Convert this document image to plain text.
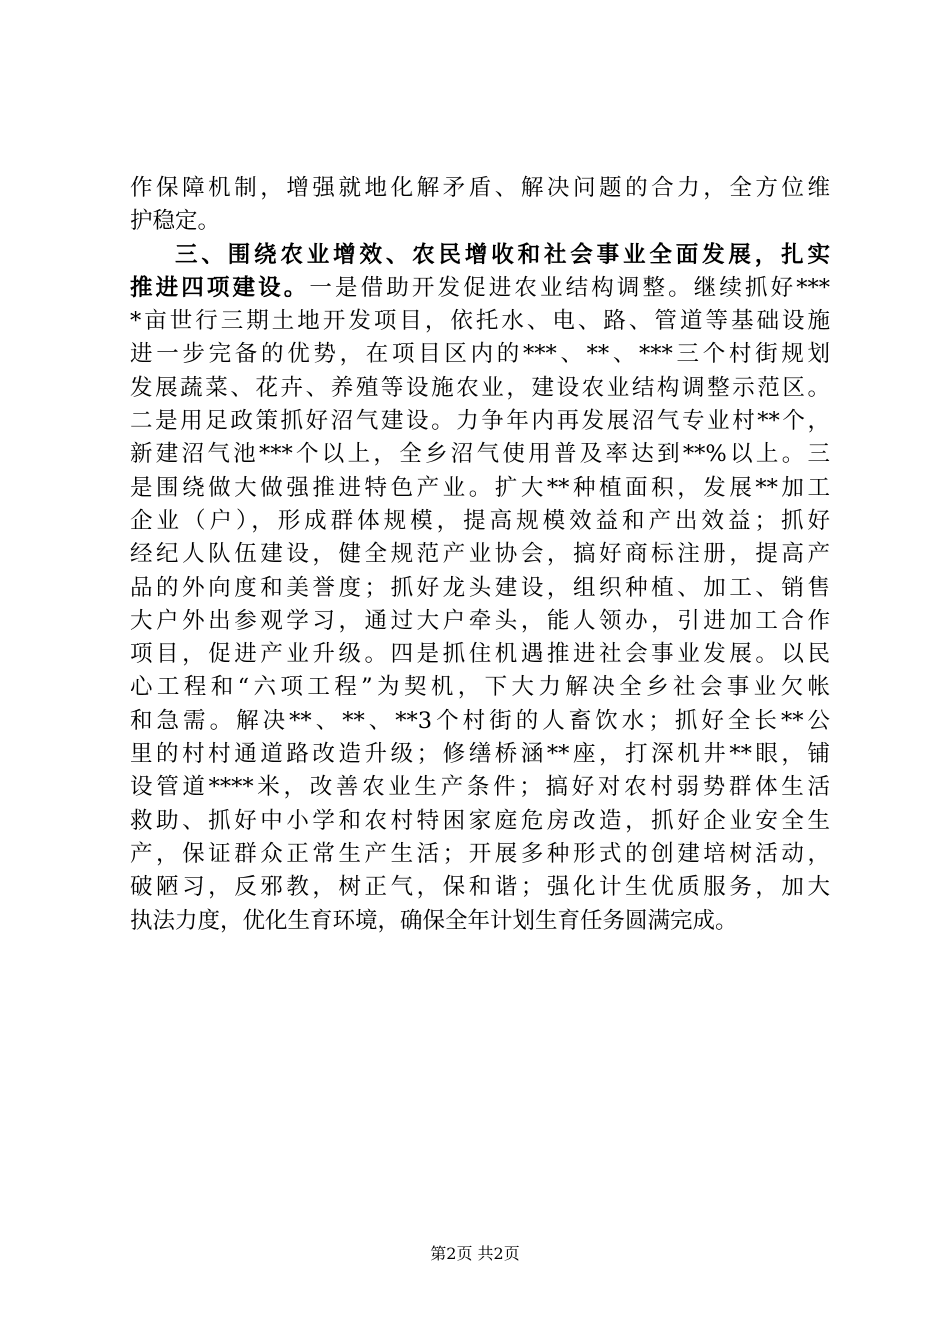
作保障机制，增强就地化解矛盾、解决问题的合力，全方位维
护稳定。
三、围绕农业增效、农民增收和社会事业全面发展，扎实
推进四项建设。一是借助开发促进农业结构调整。继续抓好***
*亩世行三期土地开发项目，依托水、电、路、管道等基础设施
进一步完备的优势，在项目区内的***、**、***三个村街规划
发展蔬菜、花卉、养殖等设施农业，建设农业结构调整示范区。
二是用足政策抓好沼气建设。力争年内再发展沼气专业村**个，
新建沼气池***个以上，全乡沼气使用普及率达到**%以上。三
是围绕做大做强推进特色产业。扩大**种植面积，发展**加工
企业（户），形成群体规模，提高规模效益和产出效益；抓好
经纪人队伍建设，健全规范产业协会，搞好商标注册，提高产
品的外向度和美誉度；抓好龙头建设，组织种植、加工、销售
大户外出参观学习，通过大户牵头，能人领办，引进加工合作
项目，促进产业升级。四是抓住机遇推进社会事业发展。以民
心工程和“六项工程”为契机，下大力解决全乡社会事业欠帐
和急需。解决**、**、**3个村街的人畜饮水；抓好全长**公
里的村村通道路改造升级；修缮桥涵**座，打深机井**眼，铺
设管道****米，改善农业生产条件；搞好对农村弱势群体生活
救助、抓好中小学和农村特困家庭危房改造，抓好企业安全生
产，保证群众正常生产生活；开展多种形式的创建培树活动，
破陋习，反邪教，树正气，保和谐；强化计生优质服务，加大
执法力度，优化生育环境，确保全年计划生育任务圆满完成。
第2页 共2页
